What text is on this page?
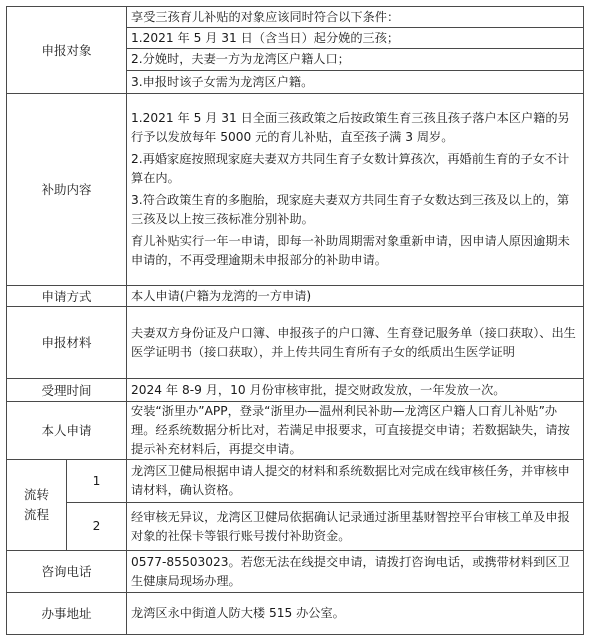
申报对象		享受三孩育儿补贴的对象应该同时符合以下条件：
		1.2021 年 5 月 31 日（含当日）起分娩的三孩；
		2.分娩时，夫妻一方为龙湾区户籍人口；
		3.申报时该子女需为龙湾区户籍。
补助内容		1.2021 年 5 月 31 日全面三孩政策之后按政策生育三孩且孩子落户本区户籍的另行予以发放每年 5000 元的育儿补贴，直至孩子满 3 周岁。
2.再婚家庭按照现家庭夫妻双方共同生育子女数计算孩次，再婚前生育的子女不计算在内。
3.符合政策生育的多胞胎，现家庭夫妻双方共同生育子女数达到三孩及以上的，第三孩及以上按三孩标准分别补助。
育儿补贴实行一年一申请，即每一补助周期需对象重新申请，因申请人原因逾期未申请的，不再受理逾期未申报部分的补助申请。

申请方式		本人申请(户籍为龙湾的一方申请)
申报材料		夫妻双方身份证及户口簿、申报孩子的户口簿、生育登记服务单（接口获取）、出生医学证明书（接口获取），并上传共同生育所有子女的纸质出生医学证明
受理时间		2024 年 8-9 月，10 月份审核审批，提交财政发放，一年发放一次。
本人申请		安装“浙里办”APP，登录“浙里办—温州利民补助—龙湾区户籍人口育儿补贴”办理。经系统数据分析比对，若满足申报要求，可直接提交申请；若数据缺失，请按提示补充材料后，再提交申请。

流转
流程	1	龙湾区卫健局根据申请人提交的材料和系统数据比对完成在线审核任务，并审核申请材料，确认资格。
	2	经审核无异议，龙湾区卫健局依据确认记录通过浙里基财智控平台审核工单及申报对象的社保卡等银行账号拨付补助资金。
咨询电话		0577-85503023。若您无法在线提交申请，请拨打咨询电话，或携带材料到区卫生健康局现场办理。
办事地址		龙湾区永中街道人防大楼 515 办公室。
